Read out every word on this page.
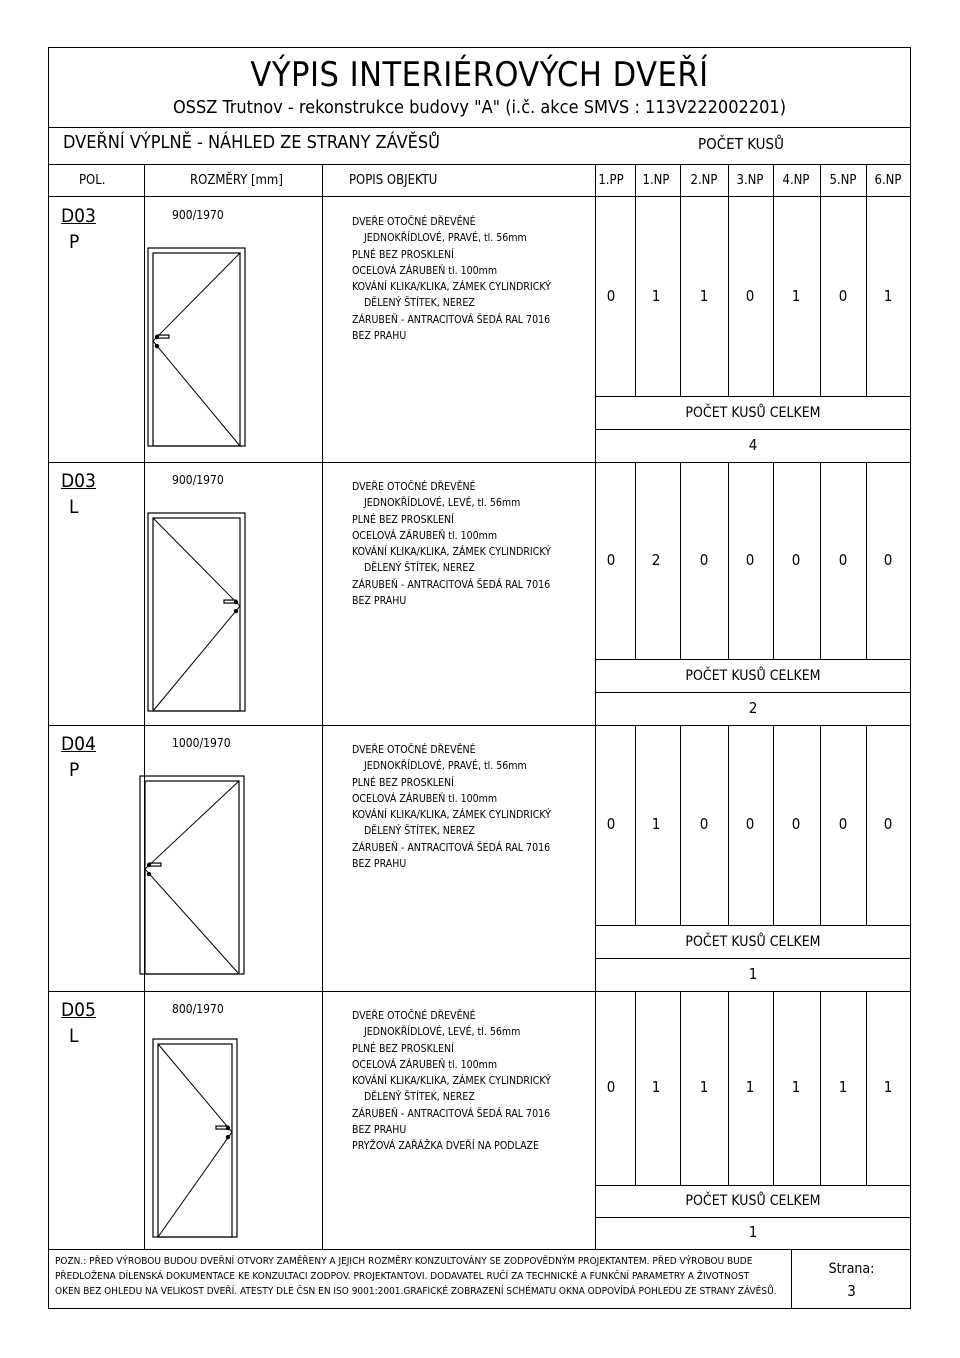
VÝPIS INTERIÉROVÝCH DVEŘÍ
OSSZ Trutnov - rekonstrukce budovy "A" (i.č. akce SMVS : 113V222002201)
DVEŘNÍ VÝPLNĚ - NÁHLED ZE STRANY ZÁVĚSŮ	POČET KUSŮ
POL.	ROZMĚRY [mm]	POPIS OBJEKTU	1.PP	1.NP	2.NP	3.NP	4.NP	5.NP	6.NP
D03
P
900/1970	DVEŘE OTOČNÉ DŘEVĚNÉ
JEDNOKŘÍDLOVÉ, PRAVÉ, tl. 56mm
PLNÉ BEZ PROSKLENÍ
OCELOVÁ ZÁRUBEŇ tl. 100mm
KOVÁNÍ KLIKA/KLIKA, ZÁMEK CYLINDRICKÝ
DĚLENÝ ŠTÍTEK, NEREZ
ZÁRUBEŇ - ANTRACITOVÁ ŠEDÁ RAL 7016
BEZ PRAHU
0	1	1	0	1	0	1
POČET KUSŮ CELKEM
4
D03
L
900/1970	DVEŘE OTOČNÉ DŘEVĚNÉ
JEDNOKŘÍDLOVÉ, LEVÉ, tl. 56mm
PLNÉ BEZ PROSKLENÍ
OCELOVÁ ZÁRUBEŇ tl. 100mm
KOVÁNÍ KLIKA/KLIKA, ZÁMEK CYLINDRICKÝ
DĚLENÝ ŠTÍTEK, NEREZ
ZÁRUBEŇ - ANTRACITOVÁ ŠEDÁ RAL 7016
BEZ PRAHU
0	2	0	0	0	0	0
POČET KUSŮ CELKEM
2
D04
P
1000/1970	DVEŘE OTOČNÉ DŘEVĚNÉ
JEDNOKŘÍDLOVÉ, PRAVÉ, tl. 56mm
PLNÉ BEZ PROSKLENÍ
OCELOVÁ ZÁRUBEŇ tl. 100mm
KOVÁNÍ KLIKA/KLIKA, ZÁMEK CYLINDRICKÝ
DĚLENÝ ŠTÍTEK, NEREZ
ZÁRUBEŇ - ANTRACITOVÁ ŠEDÁ RAL 7016
BEZ PRAHU
0	1	0	0	0	0	0
POČET KUSŮ CELKEM
1
D05
L
800/1970	DVEŘE OTOČNÉ DŘEVĚNÉ
JEDNOKŘÍDLOVÉ, LEVÉ, tl. 56mm
PLNÉ BEZ PROSKLENÍ
OCELOVÁ ZÁRUBEŇ tl. 100mm
KOVÁNÍ KLIKA/KLIKA, ZÁMEK CYLINDRICKÝ
DĚLENÝ ŠTÍTEK, NEREZ
ZÁRUBEŇ - ANTRACITOVÁ ŠEDÁ RAL 7016
BEZ PRAHU
PRYŽOVÁ ZAŘÁŽKA DVEŘÍ NA PODLAZE
0	1	1	1	1	1	1
POČET KUSŮ CELKEM
1
POZN.: PŘED VÝROBOU BUDOU DVEŘNÍ OTVORY ZAMĚŘENY A JEJICH ROZMĚRY KONZULTOVÁNY SE ZODPOVĚDNÝM PROJEKTANTEM. PŘED VÝROBOU BUDE
PŘEDLOŽENA DÍLENSKÁ DOKUMENTACE KE KONZULTACI ZODPOV. PROJEKTANTOVI. DODAVATEL RUČÍ ZA TECHNICKÉ A FUNKČNÍ PARAMETRY A ŽIVOTNOST
OKEN BEZ OHLEDU NA VELIKOST DVEŘÍ. ATESTY DLE ČSN EN ISO 9001:2001.GRAFICKÉ ZOBRAZENÍ SCHÉMATU OKNA ODPOVÍDÁ POHLEDU ZE STRANY ZÁVĚSŮ.
Strana:
3
